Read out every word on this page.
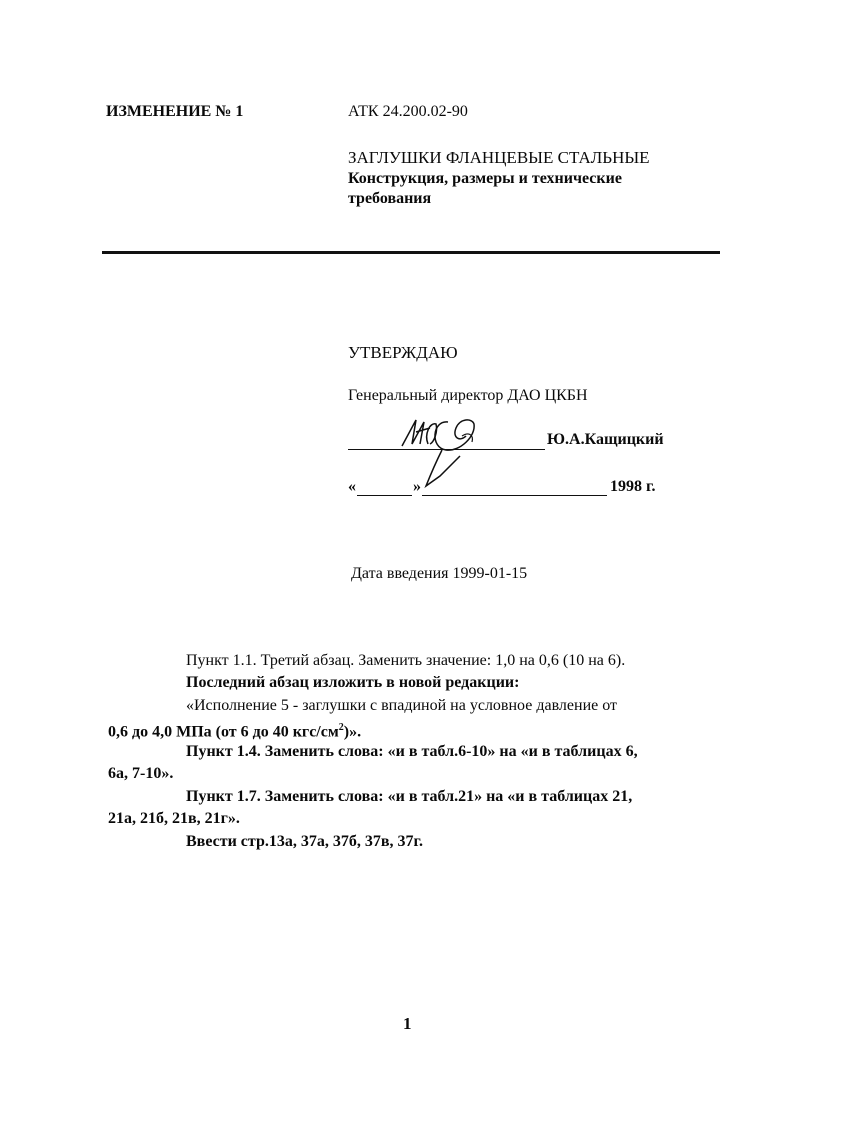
ИЗМЕНЕНИЕ № 1	АТК 24.200.02-90
ЗАГЛУШКИ ФЛАНЦЕВЫЕ СТАЛЬНЫЕ
Конструкция, размеры и технические
требования
УТВЕРЖДАЮ
Генеральный директор ДАО ЦКБН
Ю.А.Кащицкий
«	»	1998 г.
Дата введения 1999-01-15
Пункт 1.1. Третий абзац. Заменить значение: 1,0 на 0,6 (10 на 6).
Последний абзац изложить в новой редакции:
«Исполнение 5 - заглушки с впадиной на условное давление от
0,6 до 4,0 МПа (от 6 до 40 кгс/$см^2$)».
Пункт 1.4. Заменить слова: «и в табл.6-10» на «и в таблицах 6,
6а, 7-10».
Пункт 1.7. Заменить слова: «и в табл.21» на «и в таблицах 21,
21а, 21б, 21в, 21г».
Ввести стр.13а, 37а, 37б, 37в, 37г.
1
